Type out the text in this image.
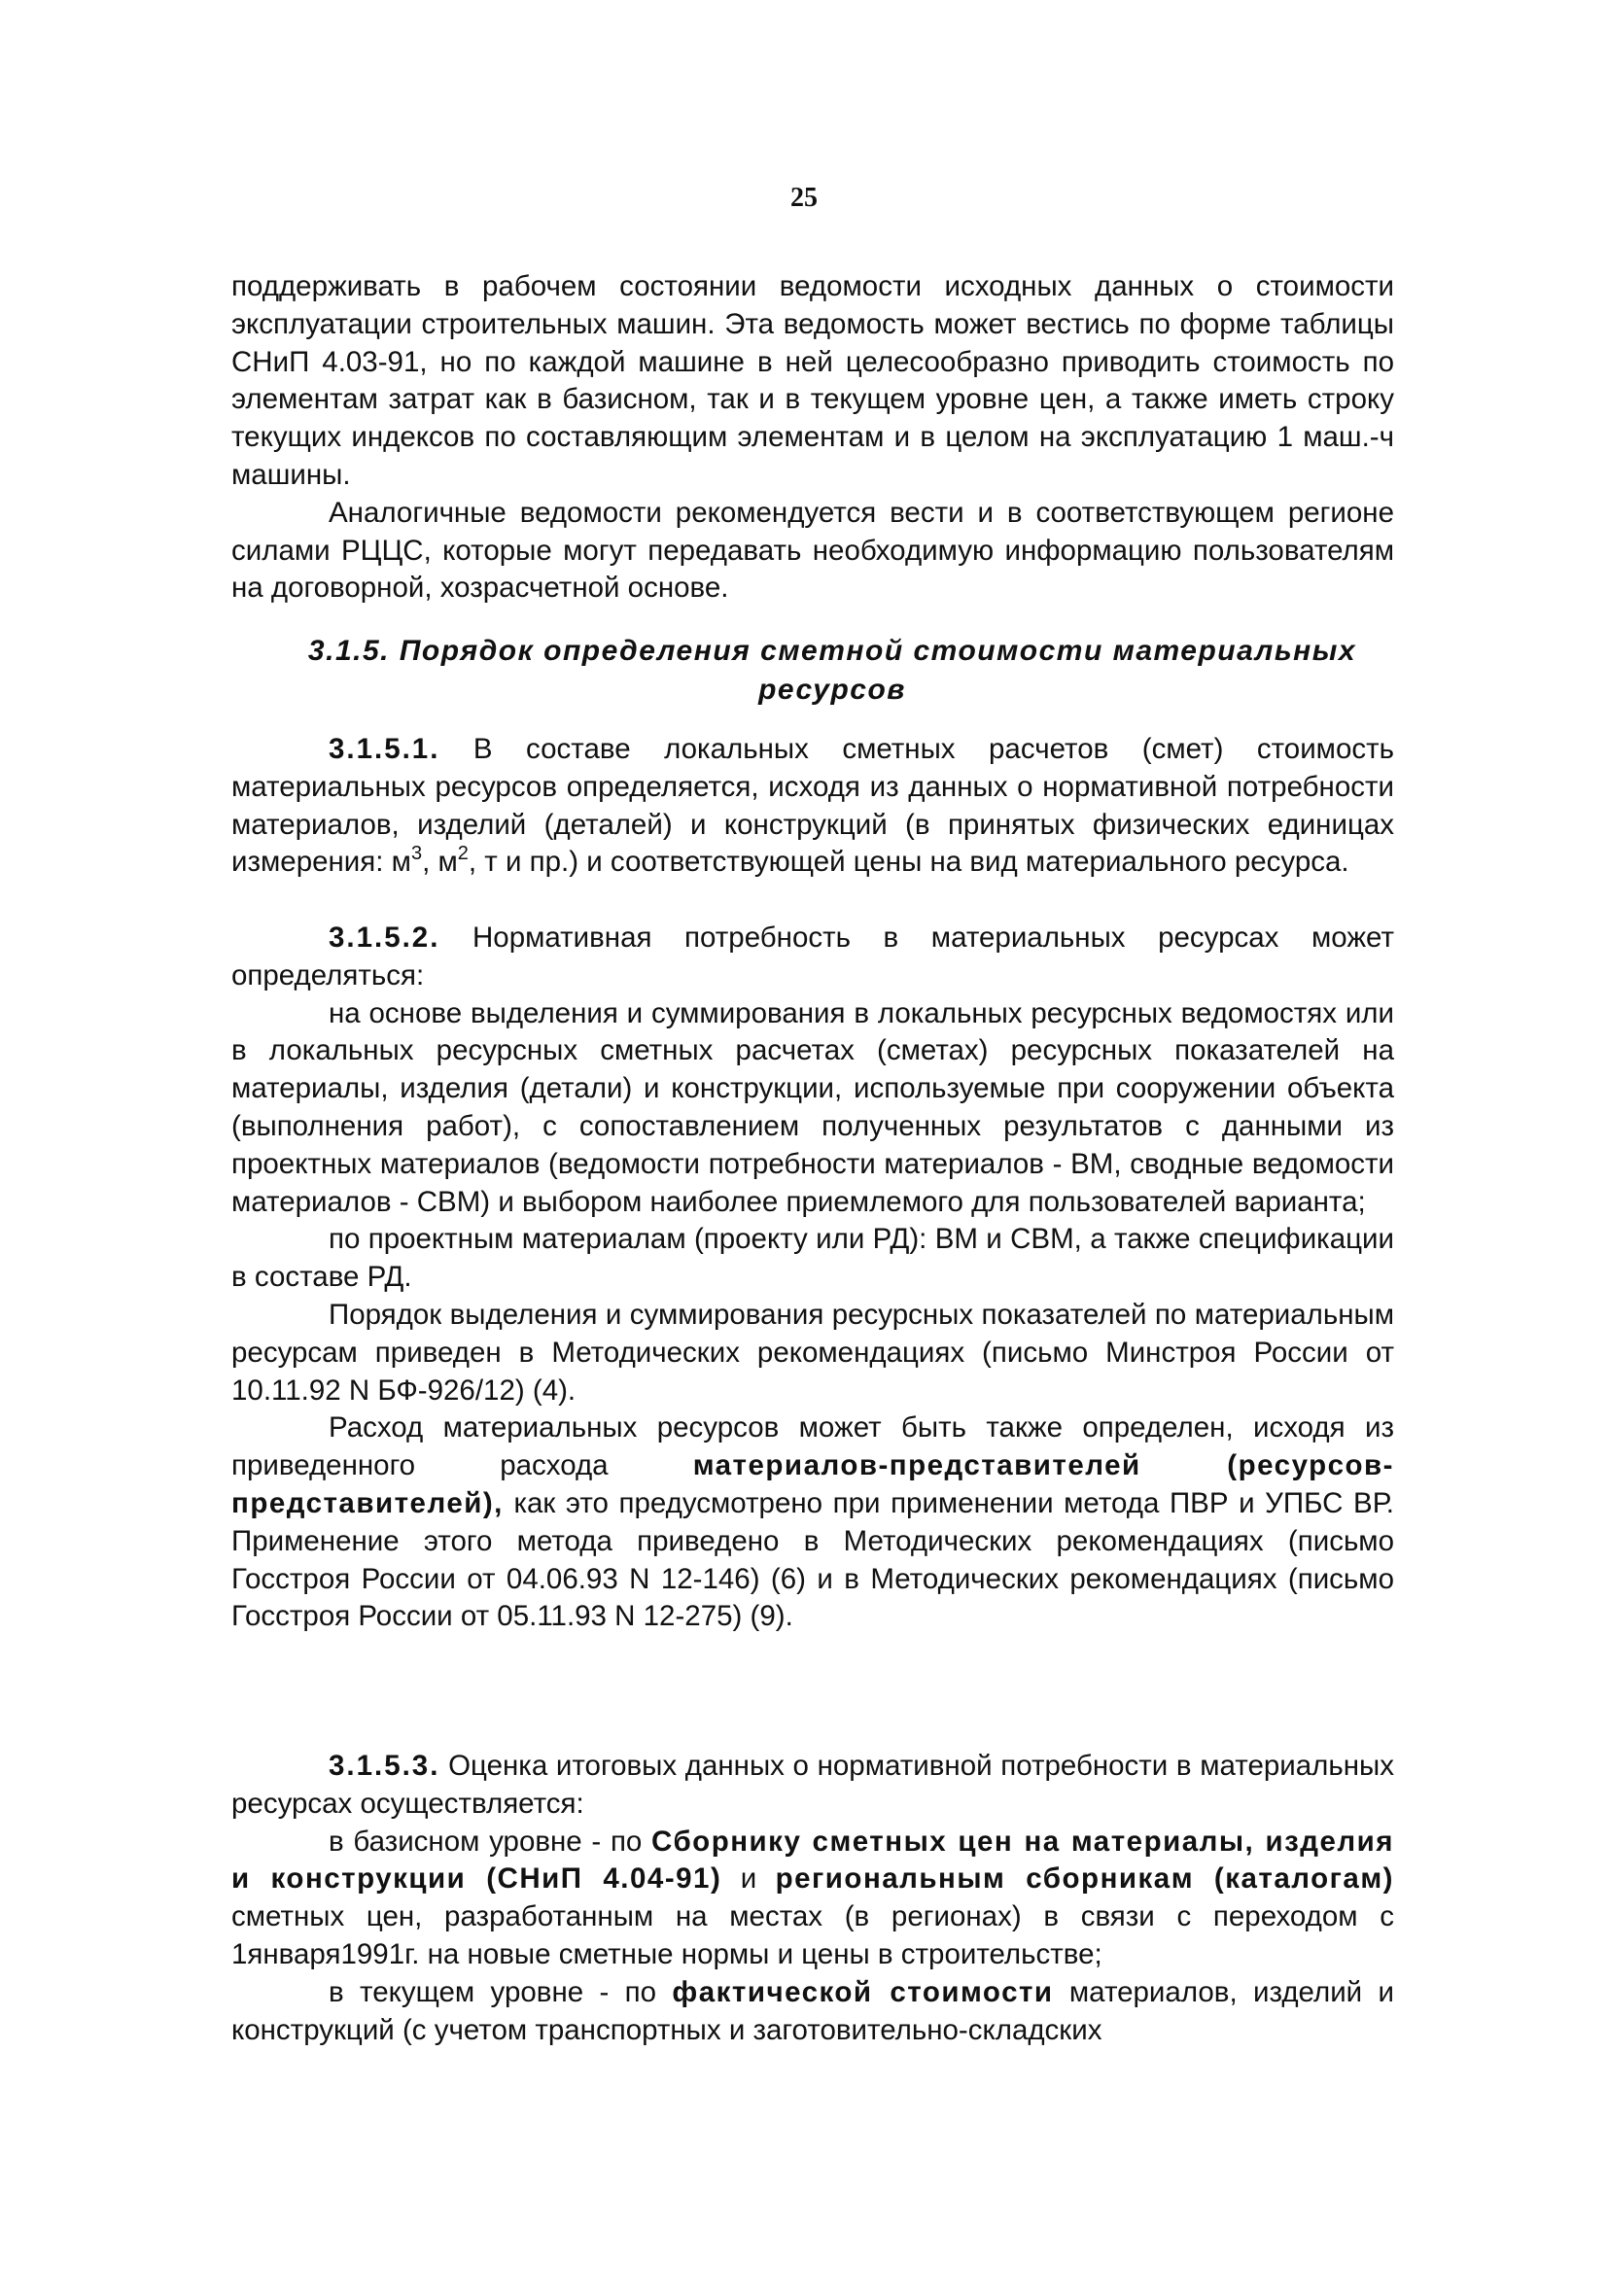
25

поддерживать в рабочем состоянии ведомости исходных данных о стоимости эксплуатации строительных машин. Эта ведомость может вестись по форме таблицы СНиП 4.03-91, но по каждой машине в ней целесообразно приводить стоимость по элементам затрат как в базисном, так и в текущем уровне цен, а также иметь строку текущих индексов по составляющим элементам и в целом на эксплуатацию 1 маш.-ч машины.

Аналогичные ведомости рекомендуется вести и в соответствующем регионе силами РЦЦС, которые могут передавать необходимую информацию пользователям на договорной, хозрасчетной основе.

3.1.5. Порядок определения сметной стоимости материальных

ресурсов

3.1.5.1. В составе локальных сметных расчетов (смет) стоимость материальных ресурсов определяется, исходя из данных о нормативной потребности материалов, изделий (деталей) и конструкций (в принятых физических единицах измерения: $м^3$, $м^2$, т и пр.) и соответствующей цены на вид материального ресурса.

3.1.5.2. Нормативная потребность в материальных ресурсах может определяться:

на основе выделения и суммирования в локальных ресурсных ведомостях или в локальных ресурсных сметных расчетах (сметах) ресурсных показателей на материалы, изделия (детали) и конструкции, используемые при сооружении объекта (выполнения работ), с сопоставлением полученных результатов с данными из проектных материалов (ведомости потребности материалов - ВМ, сводные ведомости материалов - СВМ) и выбором наиболее приемлемого для пользователей варианта;

по проектным материалам (проекту или РД): ВМ и СВМ, а также спецификации в составе РД.

Порядок выделения и суммирования ресурсных показателей по материальным ресурсам приведен в Методических рекомендациях (письмо Минстроя России от 10.11.92 N БФ-926/12) (4).

Расход материальных ресурсов может быть также определен, исходя из приведенного расхода материалов-представителей (ресурсов-представителей), как это предусмотрено при применении метода ПВР и УПБС ВР. Применение этого метода приведено в Методических рекомендациях (письмо Госстроя России от 04.06.93 N 12-146) (6) и в Методических рекомендациях (письмо Госстроя России от 05.11.93 N 12-275) (9).

3.1.5.3. Оценка итоговых данных о нормативной потребности в материальных ресурсах осуществляется:

в базисном уровне - по Сборнику сметных цен на материалы, изделия и конструкции (СНиП 4.04-91) и региональным сборникам (каталогам) сметных цен, разработанным на местах (в регионах) в связи с переходом с 1января1991г. на новые сметные нормы и цены в строительстве;

в текущем уровне - по фактической стоимости материалов, изделий и конструкций (с учетом транспортных и заготовительно-складских
